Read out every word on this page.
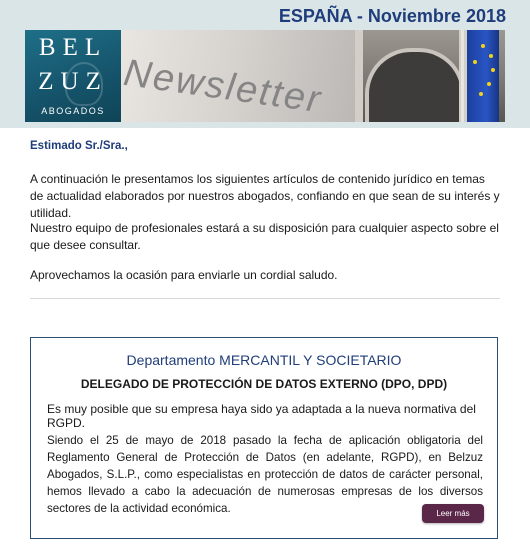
ESPAÑA - Noviembre 2018
BEL
ZUZ
ABOGADOS Newsletter
Estimado Sr./Sra.,

A continuación le presentamos los siguientes artículos de contenido jurídico en temas de actualidad elaborados por nuestros abogados, confiando en que sean de su interés y utilidad.

Nuestro equipo de profesionales estará a su disposición para cualquier aspecto sobre el que desee consultar.

Aprovechamos la ocasión para enviarle un cordial saludo.

Departamento MERCANTIL Y SOCIETARIO
DELEGADO DE PROTECCIÓN DE DATOS EXTERNO (DPO, DPD)
Es muy posible que su empresa haya sido ya adaptada a la nueva normativa del RGPD.
Siendo el 25 de mayo de 2018 pasado la fecha de aplicación obligatoria del Reglamento General de Protección de Datos (en adelante, RGPD), en Belzuz Abogados, S.L.P., como especialistas en protección de datos de carácter personal, hemos llevado a cabo la adecuación de numerosas empresas de los diversos sectores de la actividad económica.	Leer más
